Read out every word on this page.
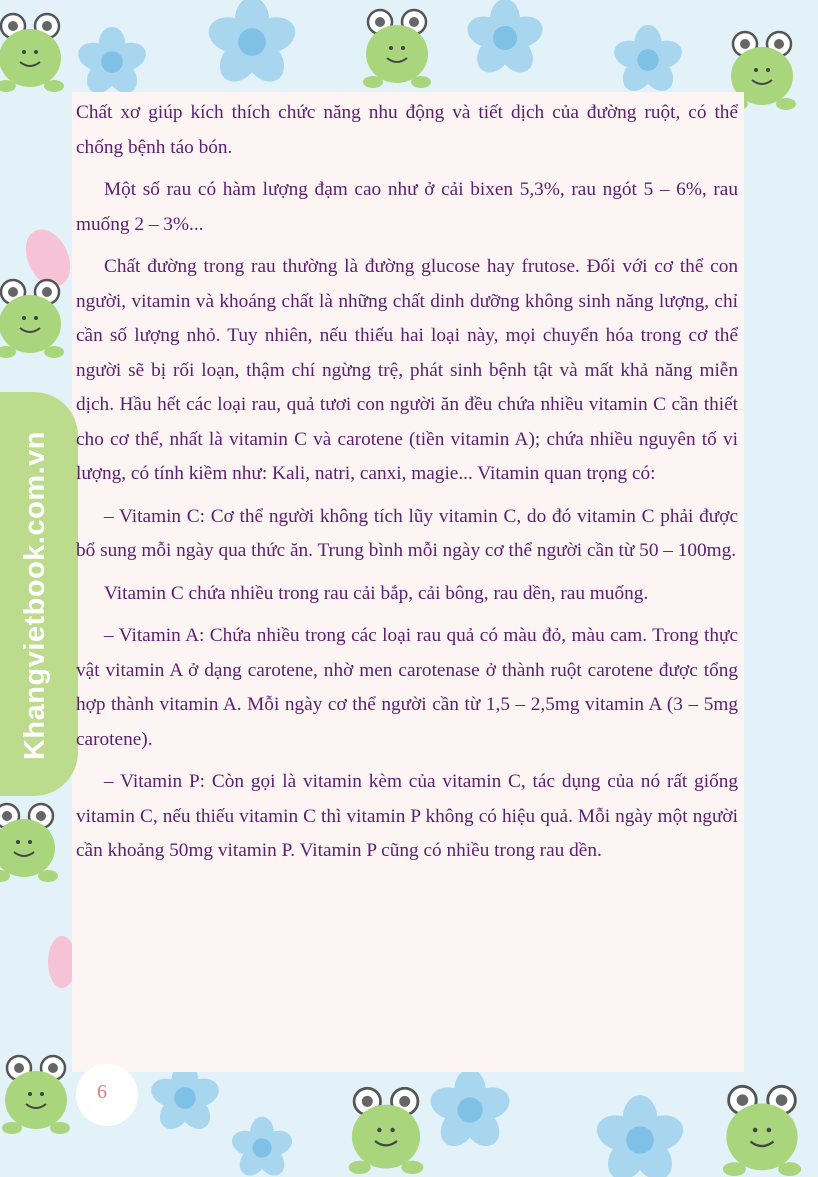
Khangvietbook.com.vn

Chất xơ giúp kích thích chức năng nhu động và tiết dịch của đường ruột, có thể chống bệnh táo bón.

Một số rau có hàm lượng đạm cao như ở cải bixen 5,3%, rau ngót 5 – 6%, rau muống 2 – 3%...

Chất đường trong rau thường là đường glucose hay frutose. Đối với cơ thể con người, vitamin và khoáng chất là những chất dinh dưỡng không sinh năng lượng, chỉ cần số lượng nhỏ. Tuy nhiên, nếu thiếu hai loại này, mọi chuyển hóa trong cơ thể người sẽ bị rối loạn, thậm chí ngừng trệ, phát sinh bệnh tật và mất khả năng miễn dịch. Hầu hết các loại rau, quả tươi con người ăn đều chứa nhiều vitamin C cần thiết cho cơ thể, nhất là vitamin C và carotene (tiền vitamin A); chứa nhiều nguyên tố vi lượng, có tính kiềm như: Kali, natri, canxi, magie... Vitamin quan trọng có:

– Vitamin C: Cơ thể người không tích lũy vitamin C, do đó vitamin C phải được bổ sung mỗi ngày qua thức ăn. Trung bình mỗi ngày cơ thể người cần từ 50 – 100mg.

Vitamin C chứa nhiều trong rau cải bắp, cải bông, rau dền, rau muống.

– Vitamin A: Chứa nhiều trong các loại rau quả có màu đỏ, màu cam. Trong thực vật vitamin A ở dạng carotene, nhờ men carotenase ở thành ruột carotene được tổng hợp thành vitamin A. Mỗi ngày cơ thể người cần từ 1,5 – 2,5mg vitamin A (3 – 5mg carotene).

– Vitamin P: Còn gọi là vitamin kèm của vitamin C, tác dụng của nó rất giống vitamin C, nếu thiếu vitamin C thì vitamin P không có hiệu quả. Mỗi ngày một người cần khoảng 50mg vitamin P. Vitamin P cũng có nhiều trong rau dền.

6
